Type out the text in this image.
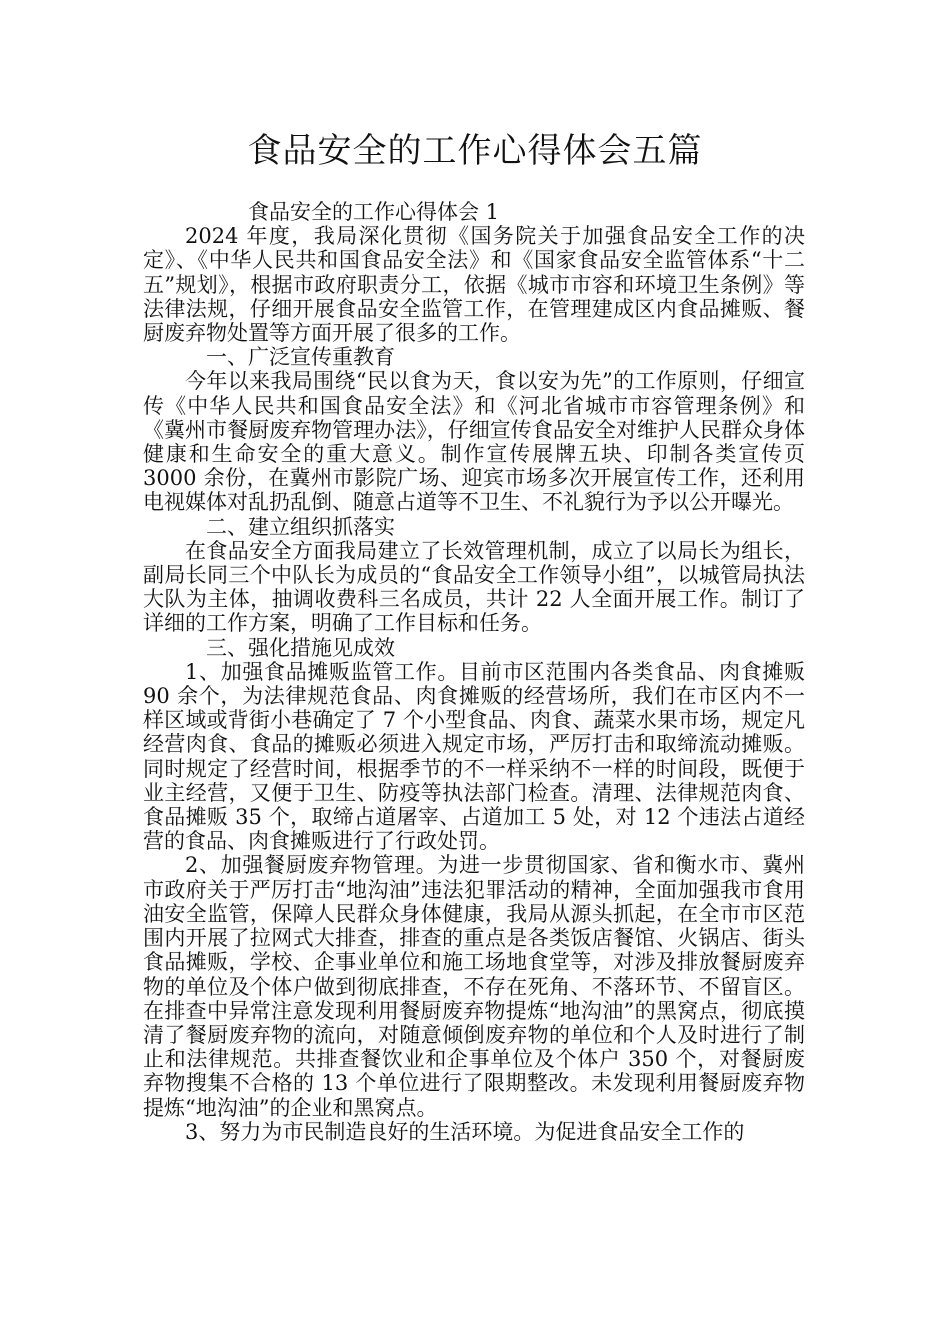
食品安全的工作心得体会五篇

食品安全的工作心得体会 1

2024 年度，我局深化贯彻《国务院关于加强食品安全工作的决定》、《中华人民共和国食品安全法》和《国家食品安全监管体系“十二五”规划》，根据市政府职责分工，依据《城市市容和环境卫生条例》等法律法规，仔细开展食品安全监管工作，在管理建成区内食品摊贩、餐厨废弃物处置等方面开展了很多的工作。

一、广泛宣传重教育

今年以来我局围绕“民以食为天，食以安为先”的工作原则，仔细宣传《中华人民共和国食品安全法》和《河北省城市市容管理条例》和《冀州市餐厨废弃物管理办法》，仔细宣传食品安全对维护人民群众身体健康和生命安全的重大意义。制作宣传展牌五块、印制各类宣传页 3000 余份，在冀州市影院广场、迎宾市场多次开展宣传工作，还利用电视媒体对乱扔乱倒、随意占道等不卫生、不礼貌行为予以公开曝光。

二、建立组织抓落实

在食品安全方面我局建立了长效管理机制，成立了以局长为组长，副局长同三个中队长为成员的“食品安全工作领导小组”，以城管局执法大队为主体，抽调收费科三名成员，共计 22 人全面开展工作。制订了详细的工作方案，明确了工作目标和任务。

三、强化措施见成效

1、加强食品摊贩监管工作。目前市区范围内各类食品、肉食摊贩 90 余个，为法律规范食品、肉食摊贩的经营场所，我们在市区内不一样区域或背街小巷确定了 7 个小型食品、肉食、蔬菜水果市场，规定凡经营肉食、食品的摊贩必须进入规定市场，严厉打击和取缔流动摊贩。同时规定了经营时间，根据季节的不一样采纳不一样的时间段，既便于业主经营，又便于卫生、防疫等执法部门检查。清理、法律规范肉食、食品摊贩 35 个，取缔占道屠宰、占道加工 5 处，对 12 个违法占道经营的食品、肉食摊贩进行了行政处罚。

2、加强餐厨废弃物管理。为进一步贯彻国家、省和衡水市、冀州市政府关于严厉打击“地沟油”违法犯罪活动的精神，全面加强我市食用油安全监管，保障人民群众身体健康，我局从源头抓起，在全市市区范围内开展了拉网式大排查，排查的重点是各类饭店餐馆、火锅店、街头食品摊贩，学校、企事业单位和施工场地食堂等，对涉及排放餐厨废弃物的单位及个体户做到彻底排查，不存在死角、不落环节、不留盲区。在排查中异常注意发现利用餐厨废弃物提炼“地沟油”的黑窝点，彻底摸清了餐厨废弃物的流向，对随意倾倒废弃物的单位和个人及时进行了制止和法律规范。共排查餐饮业和企事单位及个体户 350 个，对餐厨废弃物搜集不合格的 13 个单位进行了限期整改。未发现利用餐厨废弃物提炼“地沟油”的企业和黑窝点。

3、努力为市民制造良好的生活环境。为促进食品安全工作的
